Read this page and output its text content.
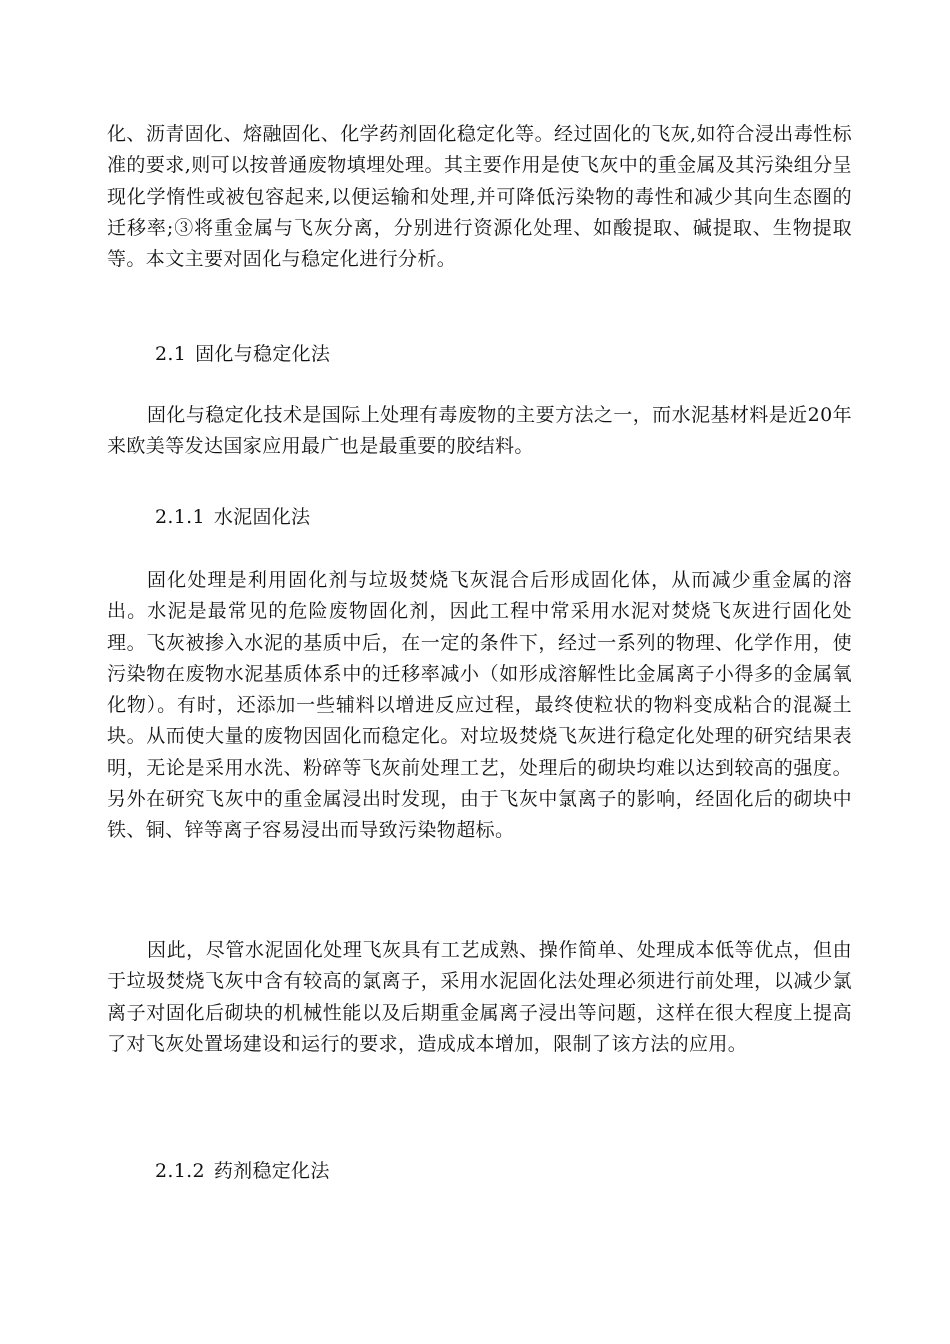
化、沥青固化、熔融固化、化学药剂固化稳定化等。经过固化的飞灰,如符合浸出毒性标准的要求,则可以按普通废物填埋处理。其主要作用是使飞灰中的重金属及其污染组分呈现化学惰性或被包容起来,以便运输和处理,并可降低污染物的毒性和减少其向生态圈的迁移率;③将重金属与飞灰分离，分别进行资源化处理、如酸提取、碱提取、生物提取等。本文主要对固化与稳定化进行分析。

2.1 固化与稳定化法

固化与稳定化技术是国际上处理有毒废物的主要方法之一，而水泥基材料是近20年来欧美等发达国家应用最广也是最重要的胶结料。

2.1.1 水泥固化法

固化处理是利用固化剂与垃圾焚烧飞灰混合后形成固化体，从而减少重金属的溶出。水泥是最常见的危险废物固化剂，因此工程中常采用水泥对焚烧飞灰进行固化处理。飞灰被掺入水泥的基质中后，在一定的条件下，经过一系列的物理、化学作用，使污染物在废物水泥基质体系中的迁移率减小（如形成溶解性比金属离子小得多的金属氧化物）。有时，还添加一些辅料以增进反应过程，最终使粒状的物料变成粘合的混凝土块。从而使大量的废物因固化而稳定化。对垃圾焚烧飞灰进行稳定化处理的研究结果表明，无论是采用水洗、粉碎等飞灰前处理工艺，处理后的砌块均难以达到较高的强度。另外在研究飞灰中的重金属浸出时发现，由于飞灰中氯离子的影响，经固化后的砌块中铁、铜、锌等离子容易浸出而导致污染物超标。

因此，尽管水泥固化处理飞灰具有工艺成熟、操作简单、处理成本低等优点，但由于垃圾焚烧飞灰中含有较高的氯离子，采用水泥固化法处理必须进行前处理，以减少氯离子对固化后砌块的机械性能以及后期重金属离子浸出等问题，这样在很大程度上提高了对飞灰处置场建设和运行的要求，造成成本增加，限制了该方法的应用。

2.1.2 药剂稳定化法
